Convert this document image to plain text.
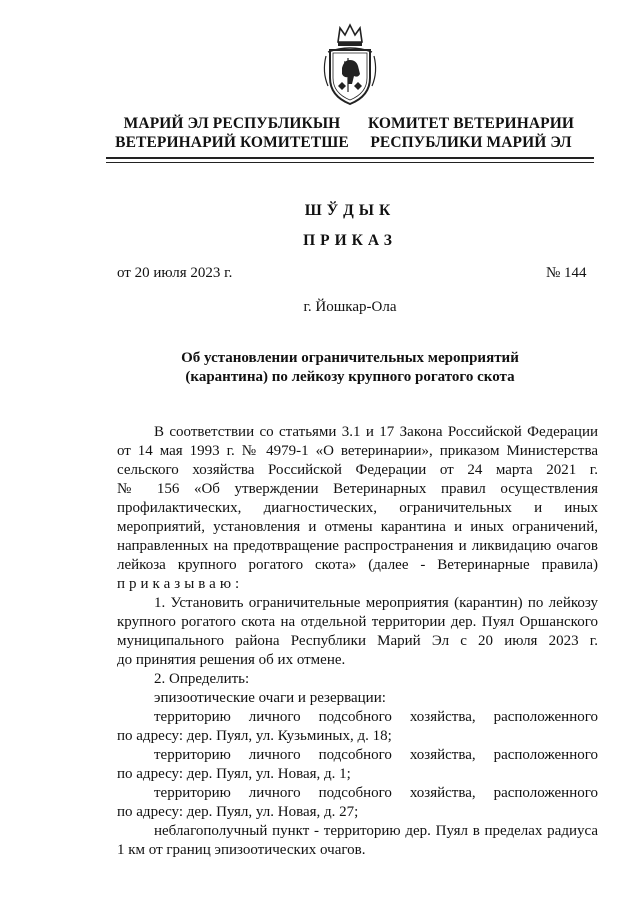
МАРИЙ ЭЛ РЕСПУБЛИКЫН
ВЕТЕРИНАРИЙ КОМИТЕТШЕ
КОМИТЕТ ВЕТЕРИНАРИИ
РЕСПУБЛИКИ МАРИЙ ЭЛ
ШЎДЫК
ПРИКАЗ
от 20 июля 2023 г.	№ 144
г. Йошкар-Ола
Об установлении ограничительных мероприятий
(карантина) по лейкозу крупного рогатого скота
В соответствии со статьями 3.1 и 17 Закона Российской Федерации
от 14 мая 1993 г. № 4979-1 «О ветеринарии», приказом Министерства
сельского хозяйства Российской Федерации от 24 марта 2021 г.
№ 156 «Об утверждении Ветеринарных правил осуществления
профилактических, диагностических, ограничительных и иных
мероприятий, установления и отмены карантина и иных ограничений,
направленных на предотвращение распространения и ликвидацию очагов
лейкоза крупного рогатого скота» (далее - Ветеринарные правила)
приказываю:
1. Установить ограничительные мероприятия (карантин) по лейкозу
крупного рогатого скота на отдельной территории дер. Пуял Оршанского
муниципального района Республики Марий Эл с 20 июля 2023 г.
до принятия решения об их отмене.
2. Определить:
эпизоотические очаги и резервации:
территорию личного подсобного хозяйства, расположенного
по адресу: дер. Пуял, ул. Кузьминых, д. 18;
территорию личного подсобного хозяйства, расположенного
по адресу: дер. Пуял, ул. Новая, д. 1;
территорию личного подсобного хозяйства, расположенного
по адресу: дер. Пуял, ул. Новая, д. 27;
неблагополучный пункт - территорию дер. Пуял в пределах радиуса
1 км от границ эпизоотических очагов.
